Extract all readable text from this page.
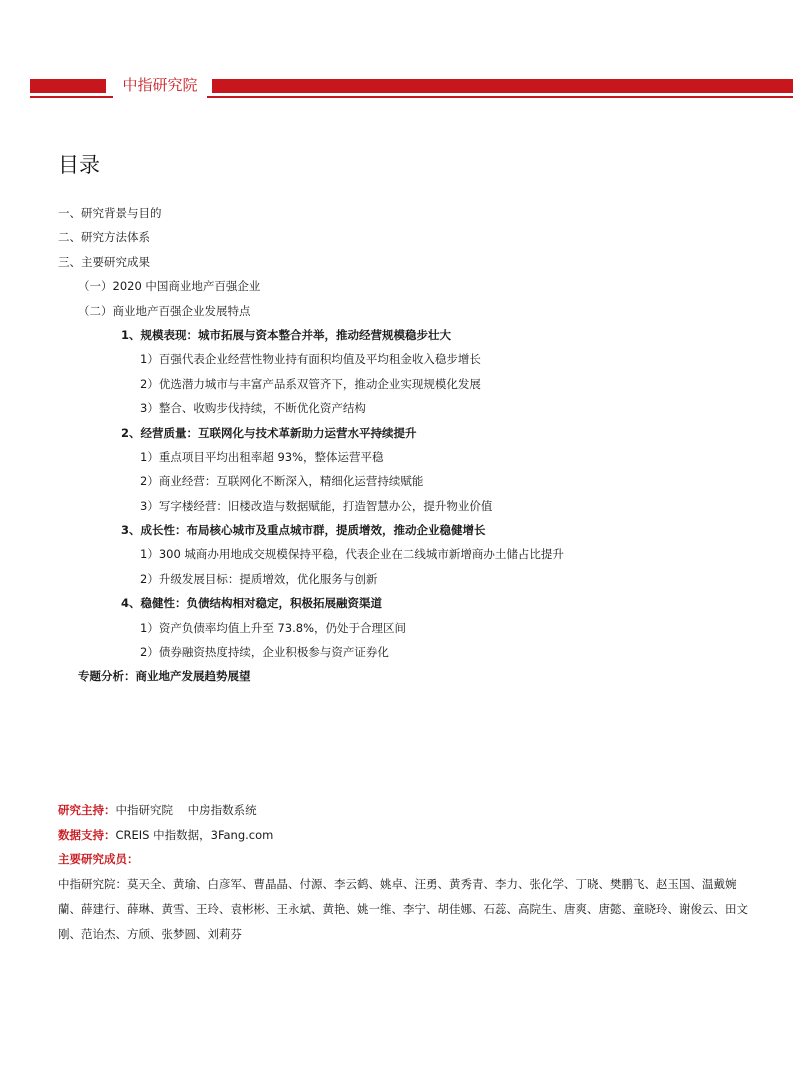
中指研究院
目录
一、研究背景与目的
二、研究方法体系
三、主要研究成果
（一）2020 中国商业地产百强企业
（二）商业地产百强企业发展特点
1、规模表现：城市拓展与资本整合并举，推动经营规模稳步壮大
1）百强代表企业经营性物业持有面积均值及平均租金收入稳步增长
2）优选潜力城市与丰富产品系双管齐下，推动企业实现规模化发展
3）整合、收购步伐持续，不断优化资产结构
2、经营质量：互联网化与技术革新助力运营水平持续提升
1）重点项目平均出租率超 93%，整体运营平稳
2）商业经营：互联网化不断深入，精细化运营持续赋能
3）写字楼经营：旧楼改造与数据赋能，打造智慧办公，提升物业价值
3、成长性：布局核心城市及重点城市群，提质增效，推动企业稳健增长
1）300 城商办用地成交规模保持平稳，代表企业在二线城市新增商办土储占比提升
2）升级发展目标：提质增效，优化服务与创新
4、稳健性：负债结构相对稳定，积极拓展融资渠道
1）资产负债率均值上升至 73.8%，仍处于合理区间
2）债券融资热度持续，企业积极参与资产证券化
专题分析：商业地产发展趋势展望
研究主持：中指研究院    中房指数系统
数据支持：CREIS 中指数据，3Fang.com
主要研究成员：
中指研究院：莫天全、黄瑜、白彦军、曹晶晶、付源、李云鹤、姚卓、汪勇、黄秀青、李力、张化学、丁晓、樊鹏飞、赵玉国、温戴婉蘭、薛建行、薛琳、黄雪、王玲、袁彬彬、王永斌、黄艳、姚一维、李宁、胡佳娜、石蕊、高院生、唐爽、唐懿、童晓玲、谢俊云、田文刚、范诒杰、方颀、张梦圆、刘莉芬
